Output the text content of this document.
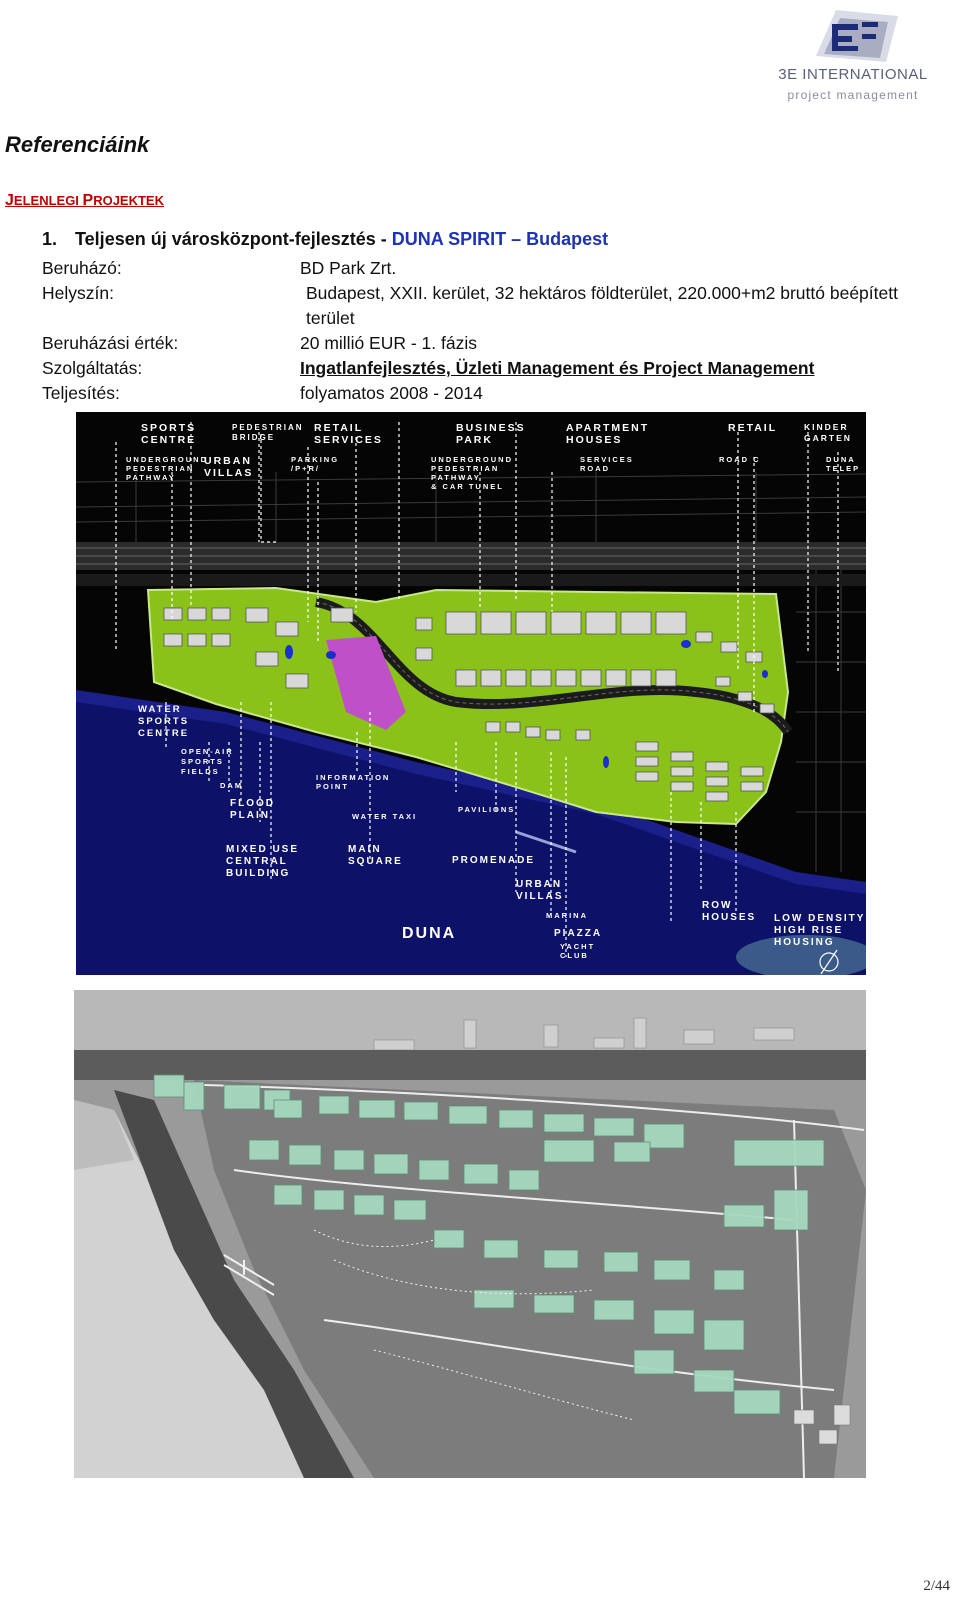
3E INTERNATIONAL
project management
Referenciáink
JELENLEGI PROJEKTEK
1. Teljesen új városközpont-fejlesztés - DUNA SPIRIT – Budapest
Beruházó:	BD Park Zrt.
Helyszín:	Budapest, XXII. kerület, 32 hektáros földterület, 220.000+m2 bruttó beépített terület
Beruházási érték:	20 millió EUR - 1. fázis
Szolgáltatás:	Ingatlanfejlesztés, Üzleti Management és Project Management
Teljesítés:	folyamatos 2008 - 2014
SPORTS
CENTRE
PEDESTRIAN
BRIDGE
RETAIL
SERVICES
BUSINESS
PARK
APARTMENT
HOUSES
RETAIL	KINDER
GARTEN
UNDERGROUND
PEDESTRIAN
PATHWAY
URBAN
VILLAS
PARKING
/P+R/
UNDERGROUND
PEDESTRIAN
PATHWAY
& CAR TUNEL
SERVICES
ROAD
ROAD C	DUNA
TELEP
WATER
SPORTS
CENTRE
OPEN-AIR
SPORTS
FIELDS
DAM
INFORMATION
POINT
FLOOD
PLAIN	WATER TAXI
PAVILIONS
MIXED USE
CENTRAL
BUILDING
MAIN
SQUARE	PROMENADE
URBAN
VILLAS
MARINA
PIAZZA
YACHT
CLUB
ROW
HOUSES LOW DENSITY
HIGH RISE
HOUSING
DUNA
2/44
